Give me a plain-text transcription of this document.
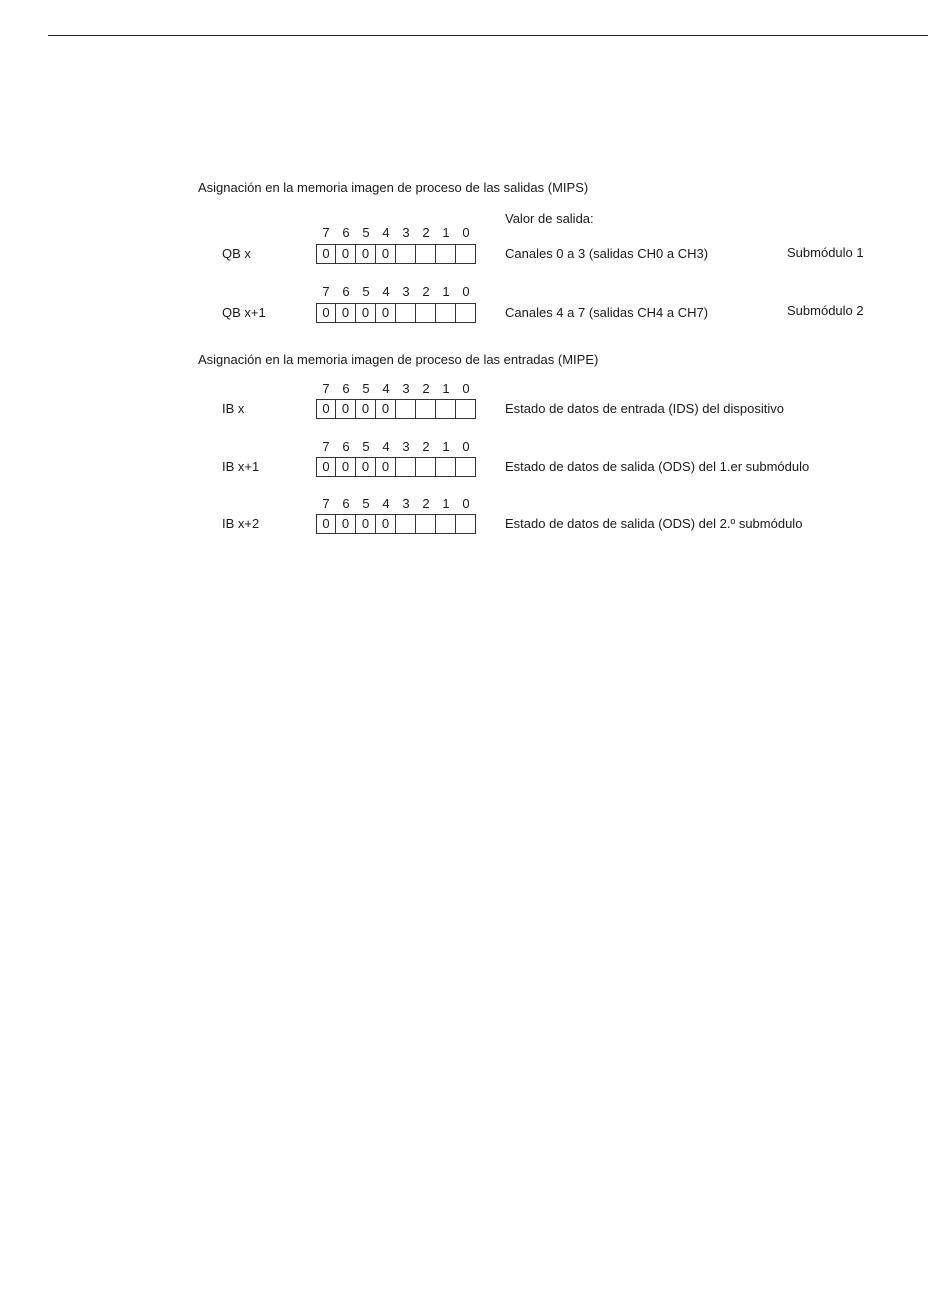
Asignación en la memoria imagen de proceso de las salidas (MIPS)
Valor de salida:
7 6 5 4 3 2 1 0
QB x	0 0 0 0	Canales 0 a 3 (salidas CH0 a CH3)	Submódulo 1
7 6 5 4 3 2 1 0
QB x+1	0 0 0 0	Canales 4 a 7 (salidas CH4 a CH7)	Submódulo 2
Asignación en la memoria imagen de proceso de las entradas (MIPE)
7 6 5 4 3 2 1 0
IB x	0 0 0 0	Estado de datos de entrada (IDS) del dispositivo
7 6 5 4 3 2 1 0
IB x+1	0 0 0 0	Estado de datos de salida (ODS) del 1.er submódulo
7 6 5 4 3 2 1 0
IB x+2	0 0 0 0	Estado de datos de salida (ODS) del 2.º submódulo
